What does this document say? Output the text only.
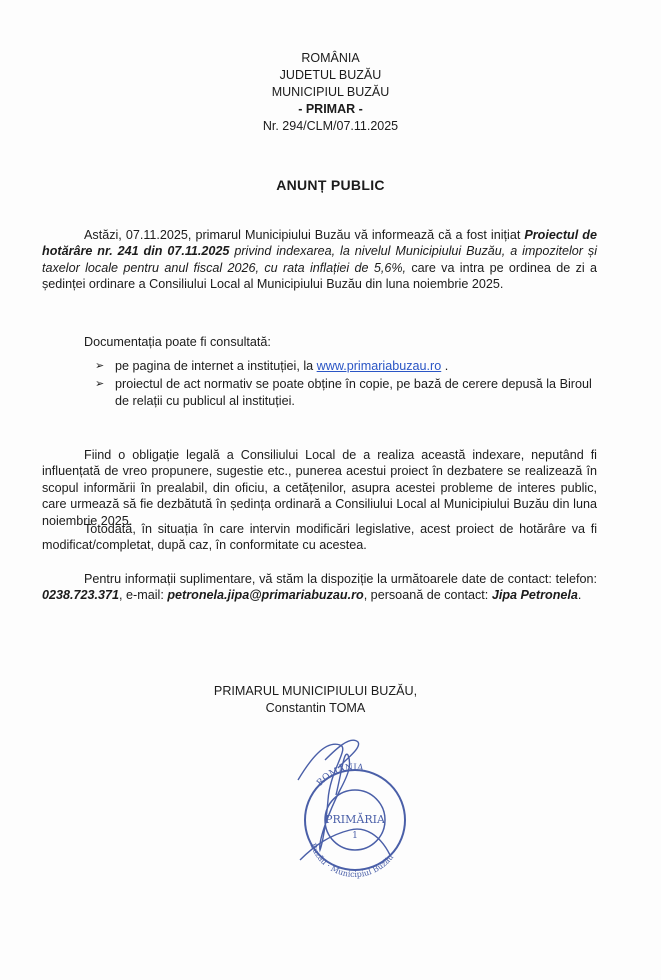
ROMÂNIA
JUDETUL BUZĂU
MUNICIPIUL BUZĂU
- PRIMAR -
Nr. 294/CLM/07.11.2025
ANUNȚ PUBLIC
Astăzi, 07.11.2025, primarul Municipiului Buzău vă informează că a fost inițiat Proiectul de hotărâre nr. 241 din 07.11.2025 privind indexarea, la nivelul Municipiului Buzău, a impozitelor și taxelor locale pentru anul fiscal 2026, cu rata inflației de 5,6%, care va intra pe ordinea de zi a ședinței ordinare a Consiliului Local al Municipiului Buzău din luna noiembrie 2025.
Documentația poate fi consultată:
➢ pe pagina de internet a instituției, la www.primariabuzau.ro .
➢ proiectul de act normativ se poate obține în copie, pe bază de cerere depusă la Biroul de relații cu publicul al instituției.
Fiind o obligație legală a Consiliului Local de a realiza această indexare, neputând fi influențată de vreo propunere, sugestie etc., punerea acestui proiect în dezbatere se realizează în scopul informării în prealabil, din oficiu, a cetățenilor, asupra acestei probleme de interes public, care urmează să fie dezbătută în ședința ordinară a Consiliului Local al Municipiului Buzău din luna noiembrie 2025.
Totodată, în situația în care intervin modificări legislative, acest proiect de hotărâre va fi modificat/completat, după caz, în conformitate cu acestea.
Pentru informații suplimentare, vă stăm la dispoziție la următoarele date de contact: telefon: 0238.723.371, e-mail: petronela.jipa@primariabuzau.ro, persoană de contact: Jipa Petronela.
PRIMARUL MUNICIPIULUI BUZĂU,
Constantin TOMA
ROMÂNIA
PRIMĂRIA
1
Buzău · Municipiul Buzău
